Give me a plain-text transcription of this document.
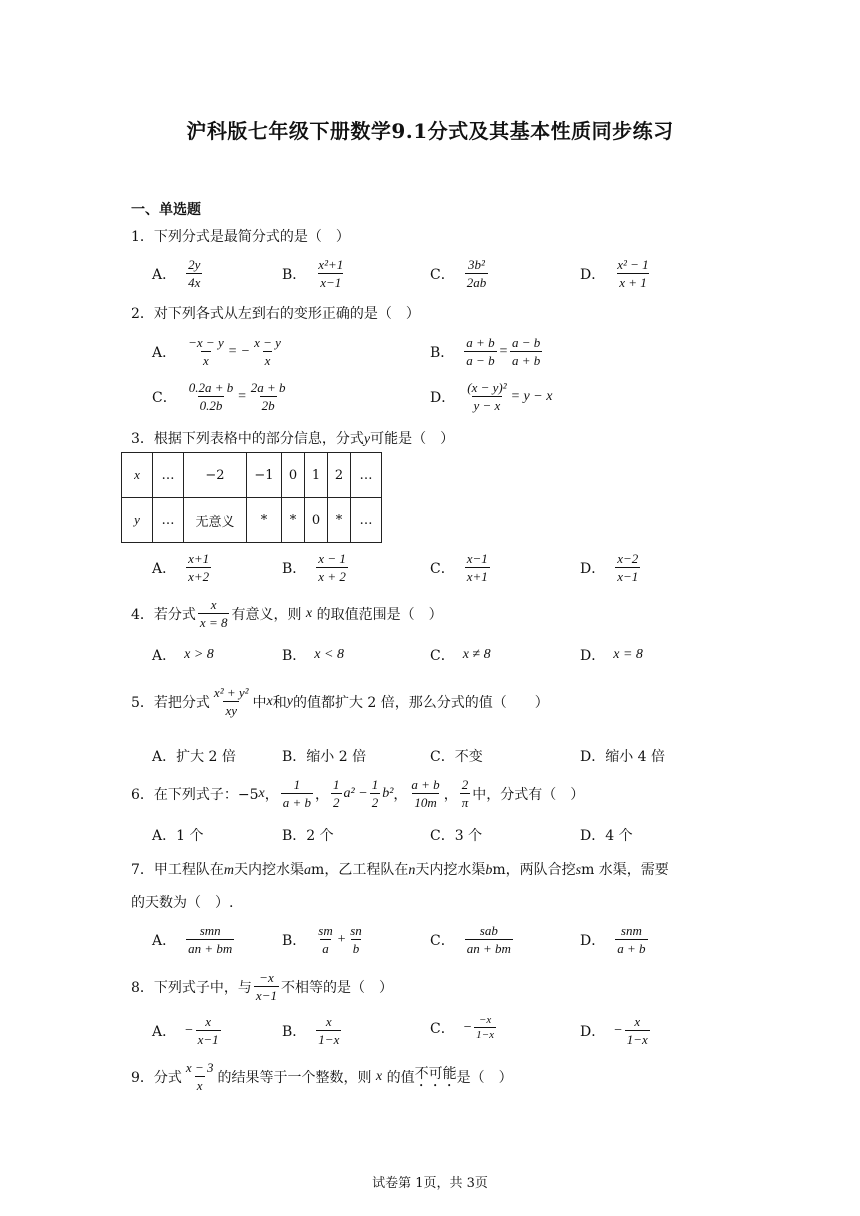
沪科版七年级下册数学9.1分式及其基本性质同步练习
一、单选题
1．下列分式是最简分式的是（　）
A． $\frac{2y}{4x}$	B． $\frac{\text{x²+1}}{x-1}$	C． $\frac{\text{3b²}}{2ab}$	D． $\frac{\text{x² − 1}}{x + 1}$
2．对下列各式从左到右的变形正确的是（　）
A． $\frac{-x - y}{x}$ = − $\frac{x - y}{x}$	B． $\frac{a + b}{a - b} = \frac{a - b}{a + b}$
C． $\frac{0.2a + b}{0.2b} = \frac{2a + b}{2b}$	D． $\frac{\text{(x − y)²}}{y - x} = y - x$
3．根据下列表格中的部分信息，分式y可能是（　）
x	…	−2	−1	0	1	2	…
y	…	无意义	*	*	0	*	…
A． $\frac{x+1}{x+2}$	B． $\frac{x - 1}{x + 2}$	C． $\frac{x-1}{x+1}$	D． $\frac{x-2}{x-1}$
4．若分式 $\frac{x}{x = 8}$ 有意义，则
x
的取值范围是（　）
A． x > 8	B． x < 8	C． x ≠ 8	D． x = 8
5．若把分式 $\frac{\text{x² + y²}}{xy}$ 中 x 和 y 的值都扩大 2 倍，那么分式的值（　　）
A．扩大 2 倍	B．缩小 2 倍	C．不变	D．缩小 4 倍
6．在下列式子：−5 x ， $\frac{1}{a + b}$ ， $\frac{1}{2} a^2 - \frac{1}{2} b^2$ ， $\frac{a + b}{10m}$ ， $\frac{2}{\pi}$ 中，分式有（　）
A．1 个	B．2 个	C．3 个	D．4 个
7．甲工程队在m天内挖水渠am，乙工程队在n天内挖水渠bm，两队合挖sm 水渠，需要
的天数为（　）.
A． $\frac{\text{smn}}{an + bm}$	B． $\frac{sm}{a} + \frac{sn}{b}$	C． $\frac{\text{sab}}{an + bm}$	D． $\frac{\text{snm}}{a + b}$
8．下列式子中，与 $\frac{-x}{x-1}$ 不相等的是（　）
A． − $\frac{x}{x-1}$	B． $\frac{x}{1-x}$	C． − $\frac{-x}{1-x}$	D． − $\frac{x}{1-x}$
9．分式 $\frac{x - 3}{x}$ 的结果等于一个整数，则
x
的值 不可能 是（　）
试卷第 1页，共 3页
